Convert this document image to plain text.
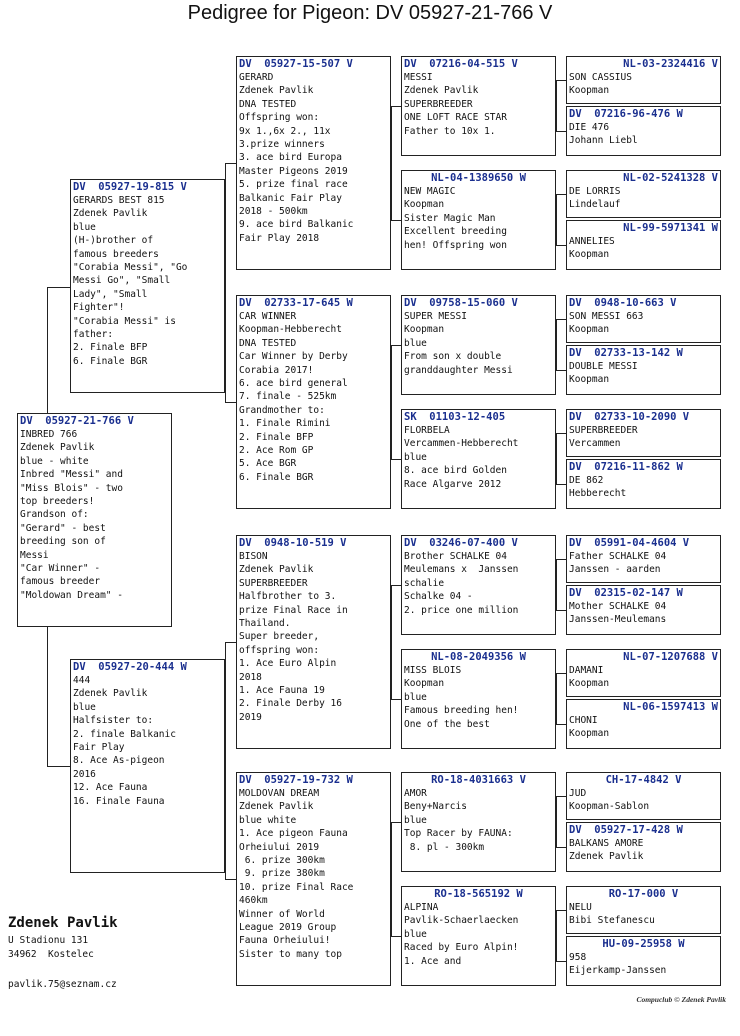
Pedigree for Pigeon: DV 05927-21-766 V
DV  05927-21-766 V
INBRED 766
Zdenek Pavlik
blue - white
Inbred "Messi" and
"Miss Blois" - two
top breeders!
Grandson of:
"Gerard" - best
breeding son of
Messi
"Car Winner" -
famous breeder
"Moldowan Dream" -
DV  05927-19-815 V
GERARDS BEST 815
Zdenek Pavlik
blue
(H-)brother of
famous breeders
"Corabia Messi", "Go
Messi Go", "Small
Lady", "Small
Fighter"!
"Corabia Messi" is
father:
2. Finale BFP
6. Finale BGR
DV  05927-20-444 W
444
Zdenek Pavlik
blue
Halfsister to:
2. finale Balkanic
Fair Play
8. Ace As-pigeon
2016
12. Ace Fauna
16. Finale Fauna
DV  05927-15-507 V
GERARD
Zdenek Pavlik
DNA TESTED
Offspring won:
9x 1.,6x 2., 11x
3.prize winners
3. ace bird Europa
Master Pigeons 2019
5. prize final race
Balkanic Fair Play
2018 - 500km
9. ace bird Balkanic
Fair Play 2018
DV  02733-17-645 W
CAR WINNER
Koopman-Hebberecht
DNA TESTED
Car Winner by Derby
Corabia 2017!
6. ace bird general
7. finale - 525km
Grandmother to:
1. Finale Rimini
2. Finale BFP
2. Ace Rom GP
5. Ace BGR
6. Finale BGR
DV  0948-10-519 V
BISON
Zdenek Pavlik
SUPERBREEDER
Halfbrother to 3.
prize Final Race in
Thailand.
Super breeder,
offspring won:
1. Ace Euro Alpin
2018
1. Ace Fauna 19
2. Finale Derby 16
2019
DV  05927-19-732 W
MOLDOVAN DREAM
Zdenek Pavlik
blue white
1. Ace pigeon Fauna
Orheiului 2019
6. prize 300km
9. prize 380km
10. prize Final Race
460km
Winner of World
League 2019 Group
Fauna Orheiului!
Sister to many top
DV  07216-04-515 V
MESSI
Zdenek Pavlik
SUPERBREEDER
ONE LOFT RACE STAR
Father to 10x 1.
NL-04-1389650 W
NEW MAGIC
Koopman
Sister Magic Man
Excellent breeding
hen! Offspring won
DV  09758-15-060 V
SUPER MESSI
Koopman
blue
From son x double
granddaughter Messi
SK  01103-12-405
FLORBELA
Vercammen-Hebberecht
blue
8. ace bird Golden
Race Algarve 2012
DV  03246-07-400 V
Brother SCHALKE 04
Meulemans x  Janssen
schalie
Schalke 04 -
2. price one million
NL-08-2049356 W
MISS BLOIS
Koopman
blue
Famous breeding hen!
One of the best
RO-18-4031663 V
AMOR
Beny+Narcis
blue
Top Racer by FAUNA:
8. pl - 300km
RO-18-565192 W
ALPINA
Pavlik-Schaerlaecken
blue
Raced by Euro Alpin!
1. Ace and
NL-03-2324416 V
SON CASSIUS
Koopman
DV  07216-96-476 W
DIE 476
Johann Liebl
NL-02-5241328 V
DE LORRIS
Lindelauf
NL-99-5971341 W
ANNELIES
Koopman
DV  0948-10-663 V
SON MESSI 663
Koopman
DV  02733-13-142 W
DOUBLE MESSI
Koopman
DV  02733-10-2090 V
SUPERBREEDER
Vercammen
DV  07216-11-862 W
DE 862
Hebberecht
DV  05991-04-4604 V
Father SCHALKE 04
Janssen - aarden
DV  02315-02-147 W
Mother SCHALKE 04
Janssen-Meulemans
NL-07-1207688 V
DAMANI
Koopman
NL-06-1597413 W
CHONI
Koopman
CH-17-4842 V
JUD
Koopman-Sablon
DV  05927-17-428 W
BALKANS AMORE
Zdenek Pavlik
RO-17-000 V
NELU
Bibi Stefanescu
HU-09-25958 W
958
Eijerkamp-Janssen
Zdenek Pavlik
U Stadionu 131
34962  Kostelec
pavlik.75@seznam.cz
Compuclub © Zdenek Pavlik
